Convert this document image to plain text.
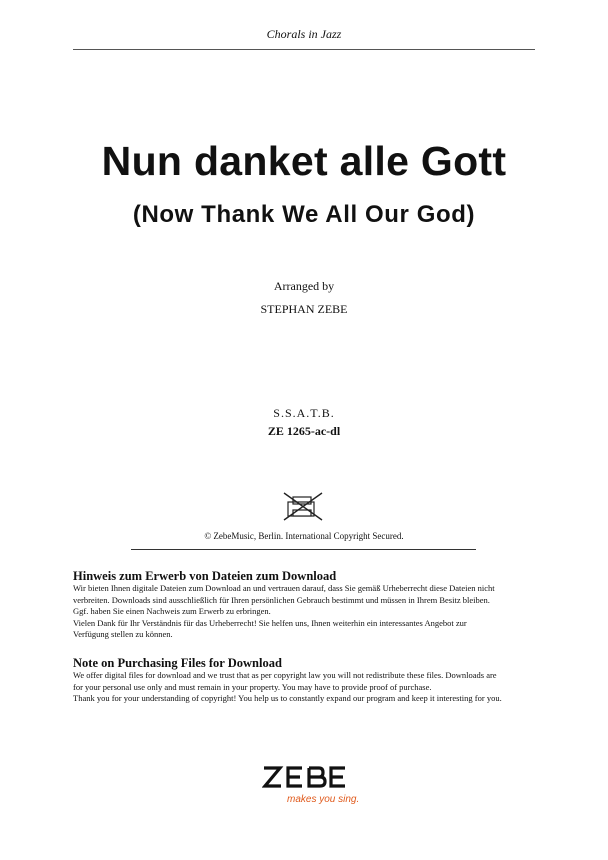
Chorals in Jazz
Nun danket alle Gott
(Now Thank We All Our God)
Arranged by
STEPHAN ZEBE
S.S.A.T.B.
ZE 1265-ac-dl
© ZebeMusic, Berlin. International Copyright Secured.
Hinweis zum Erwerb von Dateien zum Download
Wir bieten Ihnen digitale Dateien zum Download an und vertrauen darauf, dass Sie gemäß Urheberrecht diese Dateien nicht
verbreiten. Downloads sind ausschließlich für Ihren persönlichen Gebrauch bestimmt und müssen in Ihrem Besitz bleiben.
Ggf. haben Sie einen Nachweis zum Erwerb zu erbringen.
Vielen Dank für Ihr Verständnis für das Urheberrecht! Sie helfen uns, Ihnen weiterhin ein interessantes Angebot zur
Verfügung stellen zu können.
Note on Purchasing Files for Download
We offer digital files for download and we trust that as per copyright law you will not redistribute these files. Downloads are
for your personal use only and must remain in your property. You may have to provide proof of purchase.
Thank you for your understanding of copyright! You help us to constantly expand our program and keep it interesting for you.
makes you sing.
